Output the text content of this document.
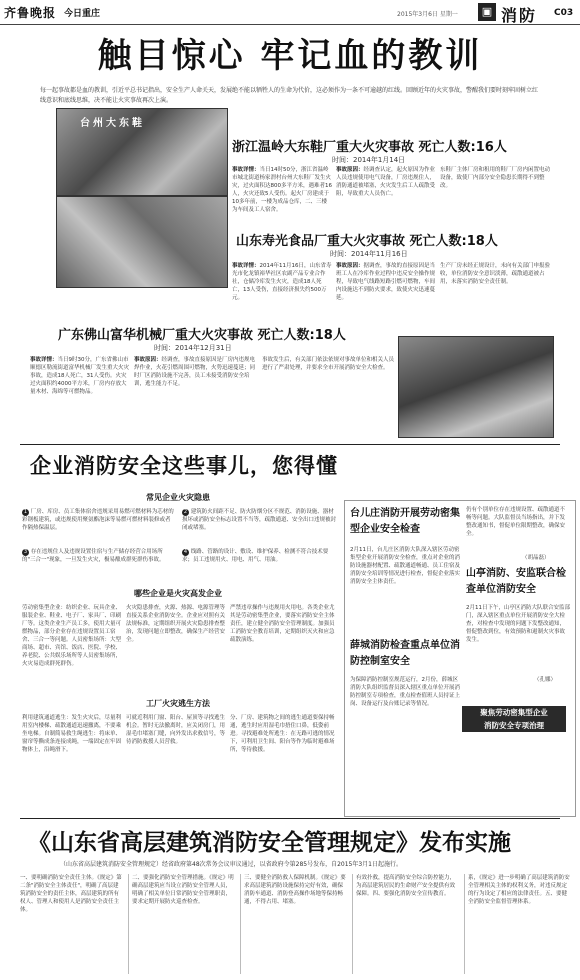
齐鲁晚报 今日重庄	2015年3月6日 星期一	▣ 消防 C03
触目惊心 牢记血的教训
每一起事故都是血的教训，引近平总书记指出，安全生产人命关天，发展绝不能以牺牲人的生命为代价，这必须作为一条不可逾越的红线。回顾近年的火灾事故，警醒我们要时刻牢固树立红线意识和底线思维，决不能让火灾事故再次上演。
台州大东鞋
浙江温岭大东鞋厂重大火灾事故 死亡人数:16人
时间：2014年1月14日
事故详情：当日14时50分，浙江省温岭市城北街道杨家渭村台州大东鞋厂发生火灾，过火面积达800多平方米，遇难者16人，火灾还致5人受伤。起火厂房建成于10多年前，一楼为成品仓库，二、三楼为车间及工人宿舍。
事故原因：经调查认定，起火原因为作业人员违规使用电气设备，厂房违规住人，消防通道被堵塞，火灾发生后工人疏散受阻，导致重大人员伤亡。
东鞋厂主体厂房和租用的鞋厂厂房内闲置电动设备，致使厂内部分安全隐患长期得不到整改。
山东寿光食品厂重大火灾事故 死亡人数:18人
时间：2014年11月16日
事故详情：2014年11月16日，山东省寿光市化龙镇裕华社区农副产品专业合作社，仓储冷库发生火灾，造成18人死亡，13人受伤，直接经济损失约500万元。
事故原因：据调查，事故的直接原因是当班工人在冷库作业过程中违反安全操作规程，导致电气线路短路引燃可燃物，车间内设施达不到防火要求，致使火灾迅速蔓延。
生产厂房未经正规设计，未向有关部门申报验收，单位消防安全意识淡薄，疏散通道被占用，未落实消防安全责任制。
广东佛山富华机械厂重大火灾事故 死亡人数:18人
时间：2014年12月31日
事故详情：当日9时30分，广东省佛山市顺德区勒流街道富华机械厂发生重大火灾事故，造成18人死亡，31人受伤。火灾过火面积约4000平方米，厂房内存放大量木材、海绵等可燃物品。
事故原因：经调查，事故直接原因是厂房内违规电焊作业，火花引燃周围可燃物，火势迅速蔓延；同时厂区消防设施不完善，员工未接受消防安全培训，逃生能力不足。
事故发生后，有关部门依法依规对事故单位和相关人员进行了严肃处理，并要求全市开展消防安全大检查。
企业消防安全这些事儿，您得懂
常见企业火灾隐患
1 厂房、库房、员工集体宿舍违规采用易燃可燃材料为芯材的彩钢板建筑，或违规使用聚氨酯泡沫等易燃可燃材料装修或者作隔热保温层。
2 建筑防火间距不足、防火防烟分区不规范、消防设施、器材损坏或消防安全标志设置不当等，疏散通道、安全出口违规被封闭或堵塞。
3 存在违规住人及违规设置住宿与生产储存经营合用场所的"三合一"现象，一旦发生火灾，极易酿成群死群伤事故。
4 线路、管路的设计、敷设、维护保养、检测不符合技术要求；员工违规用火、用电、用气、用油。
哪些企业是火灾高发企业
劳动密集型企业：纺织企业、玩具企业、服装企业、鞋业、电子厂、家具厂、印刷厂等。这类企业生产员工多，使用大量可燃物品，部分企业存在违规设置员工宿舍、三合一等问题。人员密集场所：大型商场、超市、宾馆、饭店、医院、学校、养老院、公共娱乐场所等人员密集场所，火灾易造成群死群伤。
火灾隐患排查，火源、热源、电源管理等直接关系企业消防安全。企业应对照有关法规标准，定期组织开展火灾隐患排查整治，发现问题立即整改，确保生产经营安全。
严禁违章操作与违规用火用电。各类企业尤其是劳动密集型企业，要落实消防安全主体责任，建立健全消防安全管理制度。加强员工消防安全教育培训，定期组织灭火和应急疏散演练。
工厂火灾逃生方法
利用建筑通道逃生：发生火灾后，尽量利用室内楼梯、疏散通道迅速撤离，不要乘坐电梯。自制简易救生绳逃生：将床单、窗帘等撕成条连接成绳，一端固定在牢固物体上，沿绳滑下。
可就近利用门窗、阳台、屋顶等寻找逃生机会。暂时无法撤离时，应关闭房门，用湿毛巾堵塞门缝，向外发出求救信号，等待消防救援人员营救。
分、厂房、建筑物之间的逃生通道要保持畅通，逃生时应用湿毛巾捂住口鼻，低姿前进。寻找避难处所逃生：在无路可逃的情况下，可利用卫生间、阳台等作为临时避难场所，等待救援。
台儿庄消防开展劳动密集型企业安全检查
2月11日，台儿庄区消防大队深入辖区劳动密集型企业开展消防安全检查，重点对企业的消防设施器材配置、疏散通道畅通、员工住宿及消防安全培训等情况进行检查，督促企业落实消防安全主体责任。
仍有个别单位存在违规设置、疏散通道不畅等问题。大队监督员当场指出，并下发整改通知书，督促单位限期整改，确保安全。
（胡晶磊）
山亭消防、安监联合检查单位消防安全
2月11日下午，山亭区消防大队联合安监部门，深入辖区重点单位开展消防安全大检查，对检查中发现的问题下发整改通知，督促整改到位，有效预防和遏制火灾事故发生。
（孔娜）
薛城消防检查重点单位消防控制室安全
为保障消防控制室规范运行，2月份，薛城区消防大队组织监督员深入辖区重点单位开展消防控制室专项检查，重点检查值班人员持证上岗、设备运行及台账记录等情况。
聚焦劳动密集型企业
消防安全专项治理
《山东省高层建筑消防安全管理规定》发布实施
（山东省高层建筑消防安全管理规定）经省政府第48次常务会议审议通过，以省政府令第285号发布，自2015年3月1日起施行。
一、要明确消防安全责任主体。《规定》第二条"消防安全主体责任"，明确了高层建筑消防安全的责任主体，高层建筑的所有权人、管理人和使用人是消防安全责任主体。
二、要强化消防安全管理措施。《规定》明确高层建筑应当设立消防安全管理人员，明确了相关单位日常消防安全管理职责，要求定期开展防火巡查检查。
三、要健全消防救人保障机制。《规定》要求高层建筑消防设施保持完好有效，确保消防车通道、消防登高操作场地等保持畅通，不得占用、堵塞。
有效扑救，提高消防安全综合防控能力，为高层建筑居民的生命财产安全提供有效保障。四、要强化消防安全宣传教育。
系，《规定》进一步明确了高层建筑消防安全管理相关主体的权利义务，对违反规定的行为设定了相应的法律责任。五、要健全消防安全监督管理体系。
